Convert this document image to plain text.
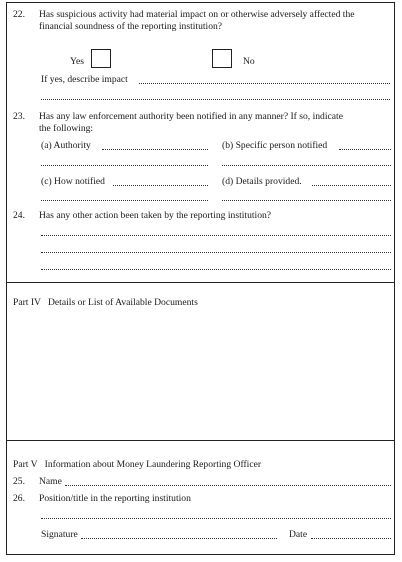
22. Has suspicious activity had material impact on or otherwise adversely affected the
financial soundness of the reporting institution?
Yes	No
If yes, describe impact
23. Has any law enforcement authority been notified in any manner? If so, indicate
the following:
(a) Authority	(b) Specific person notified
(c) How notified	(d) Details provided.
24. Has any other action been taken by the reporting institution?
Part IV   Details or List of Available Documents
Part V   Information about Money Laundering Reporting Officer
25. Name
26. Position/title in the reporting institution
Signature	Date
